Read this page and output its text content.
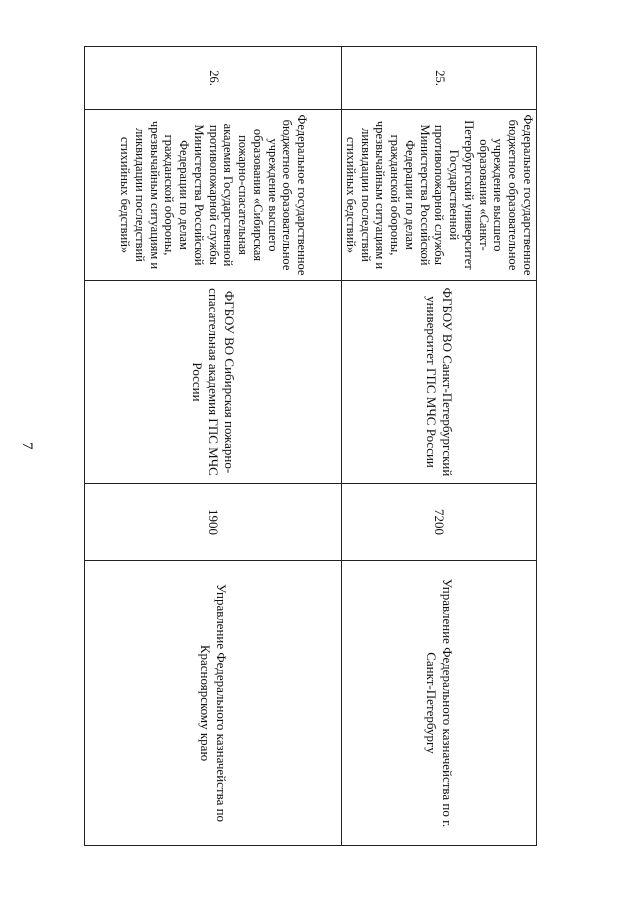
7
25.	Федеральное государственное бюджетное образовательное учреждение высшего образования «Санкт-Петербургский университет Государственной противопожарной службы Министерства Российской Федерации по делам гражданской обороны, чрезвычайным ситуациям и ликвидации последствий стихийных бедствий»	ФГБОУ ВО Санкт-Петербургский университет ГПС МЧС России	7200	Управление Федерального казначейства по г. Санкт-Петербургу
26.	Федеральное государственное бюджетное образовательное учреждение высшего образования «Сибирская пожарно-спасательная академия Государственной противопожарной службы Министерства Российской Федерации по делам гражданской обороны, чрезвычайным ситуациям и ликвидации последствий стихийных бедствий»	ФГБОУ ВО Сибирская пожарно-спасательная академия ГПС МЧС России	1900	Управление Федерального казначейства по Красноярскому краю
